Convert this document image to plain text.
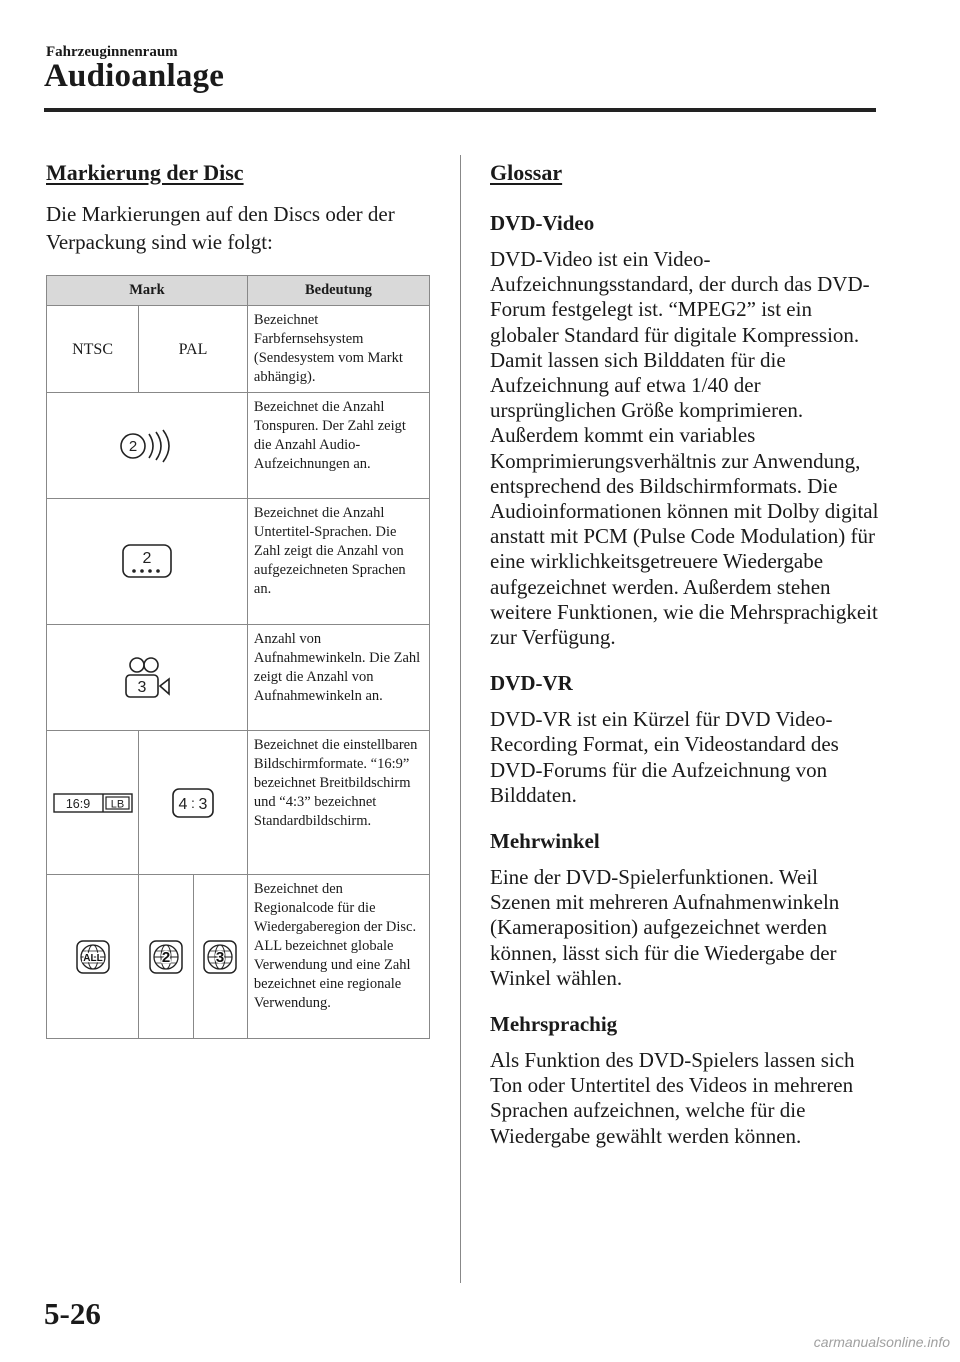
Fahrzeuginnenraum
Audioanlage
Markierung der Disc

Die Markierungen auf den Discs oder der Verpackung sind wie folgt:

Mark			Bedeutung
NTSC	PAL		Bezeichnet Farbfernsehsystem (Sendesystem vom Markt abhängig).

2			Bezeichnet die Anzahl Tonspuren. Der Zahl zeigt die Anzahl Audio-Aufzeichnungen an.

2			Bezeichnet die Anzahl Untertitel-Sprachen. Die Zahl zeigt die Anzahl von aufgezeichneten Sprachen an.

3			Anzahl von Aufnahmewinkeln. Die Zahl zeigt die Anzahl von Aufnahmewinkeln an.

16:9 LB	4 : 3		Bezeichnet die einstellbaren Bildschirmformate. “16:9” bezeichnet Breitbildschirm und “4:3” bezeichnet Standardbildschirm.

ALL	2	3	Bezeichnet den Regionalcode für die Wiedergaberegion der Disc. ALL bezeichnet globale Verwendung und eine Zahl bezeichnet eine regionale Verwendung.
Glossar
DVD-Video

DVD-Video ist ein Video-Aufzeichnungsstandard, der durch das DVD-Forum festgelegt ist. “MPEG2” ist ein globaler Standard für digitale Kompression. Damit lassen sich Bilddaten für die Aufzeichnung auf etwa 1/40 der ursprünglichen Größe komprimieren. Außerdem kommt ein variables Komprimierungsverhältnis zur Anwendung, entsprechend des Bildschirmformats. Die Audioinformationen können mit Dolby digital anstatt mit PCM (Pulse Code Modulation) für eine wirklichkeitsgetreuere Wiedergabe aufgezeichnet werden. Außerdem stehen weitere Funktionen, wie die Mehrsprachigkeit zur Verfügung.

DVD-VR

DVD-VR ist ein Kürzel für DVD Video-Recording Format, ein Videostandard des DVD-Forums für die Aufzeichnung von Bilddaten.

Mehrwinkel

Eine der DVD-Spielerfunktionen. Weil Szenen mit mehreren Aufnahmenwinkeln (Kameraposition) aufgezeichnet werden können, lässt sich für die Wiedergabe der Winkel wählen.

Mehrsprachig

Als Funktion des DVD-Spielers lassen sich Ton oder Untertitel des Videos in mehreren Sprachen aufzeichnen, welche für die Wiedergabe gewählt werden können.

5-26
carmanualsonline.info
